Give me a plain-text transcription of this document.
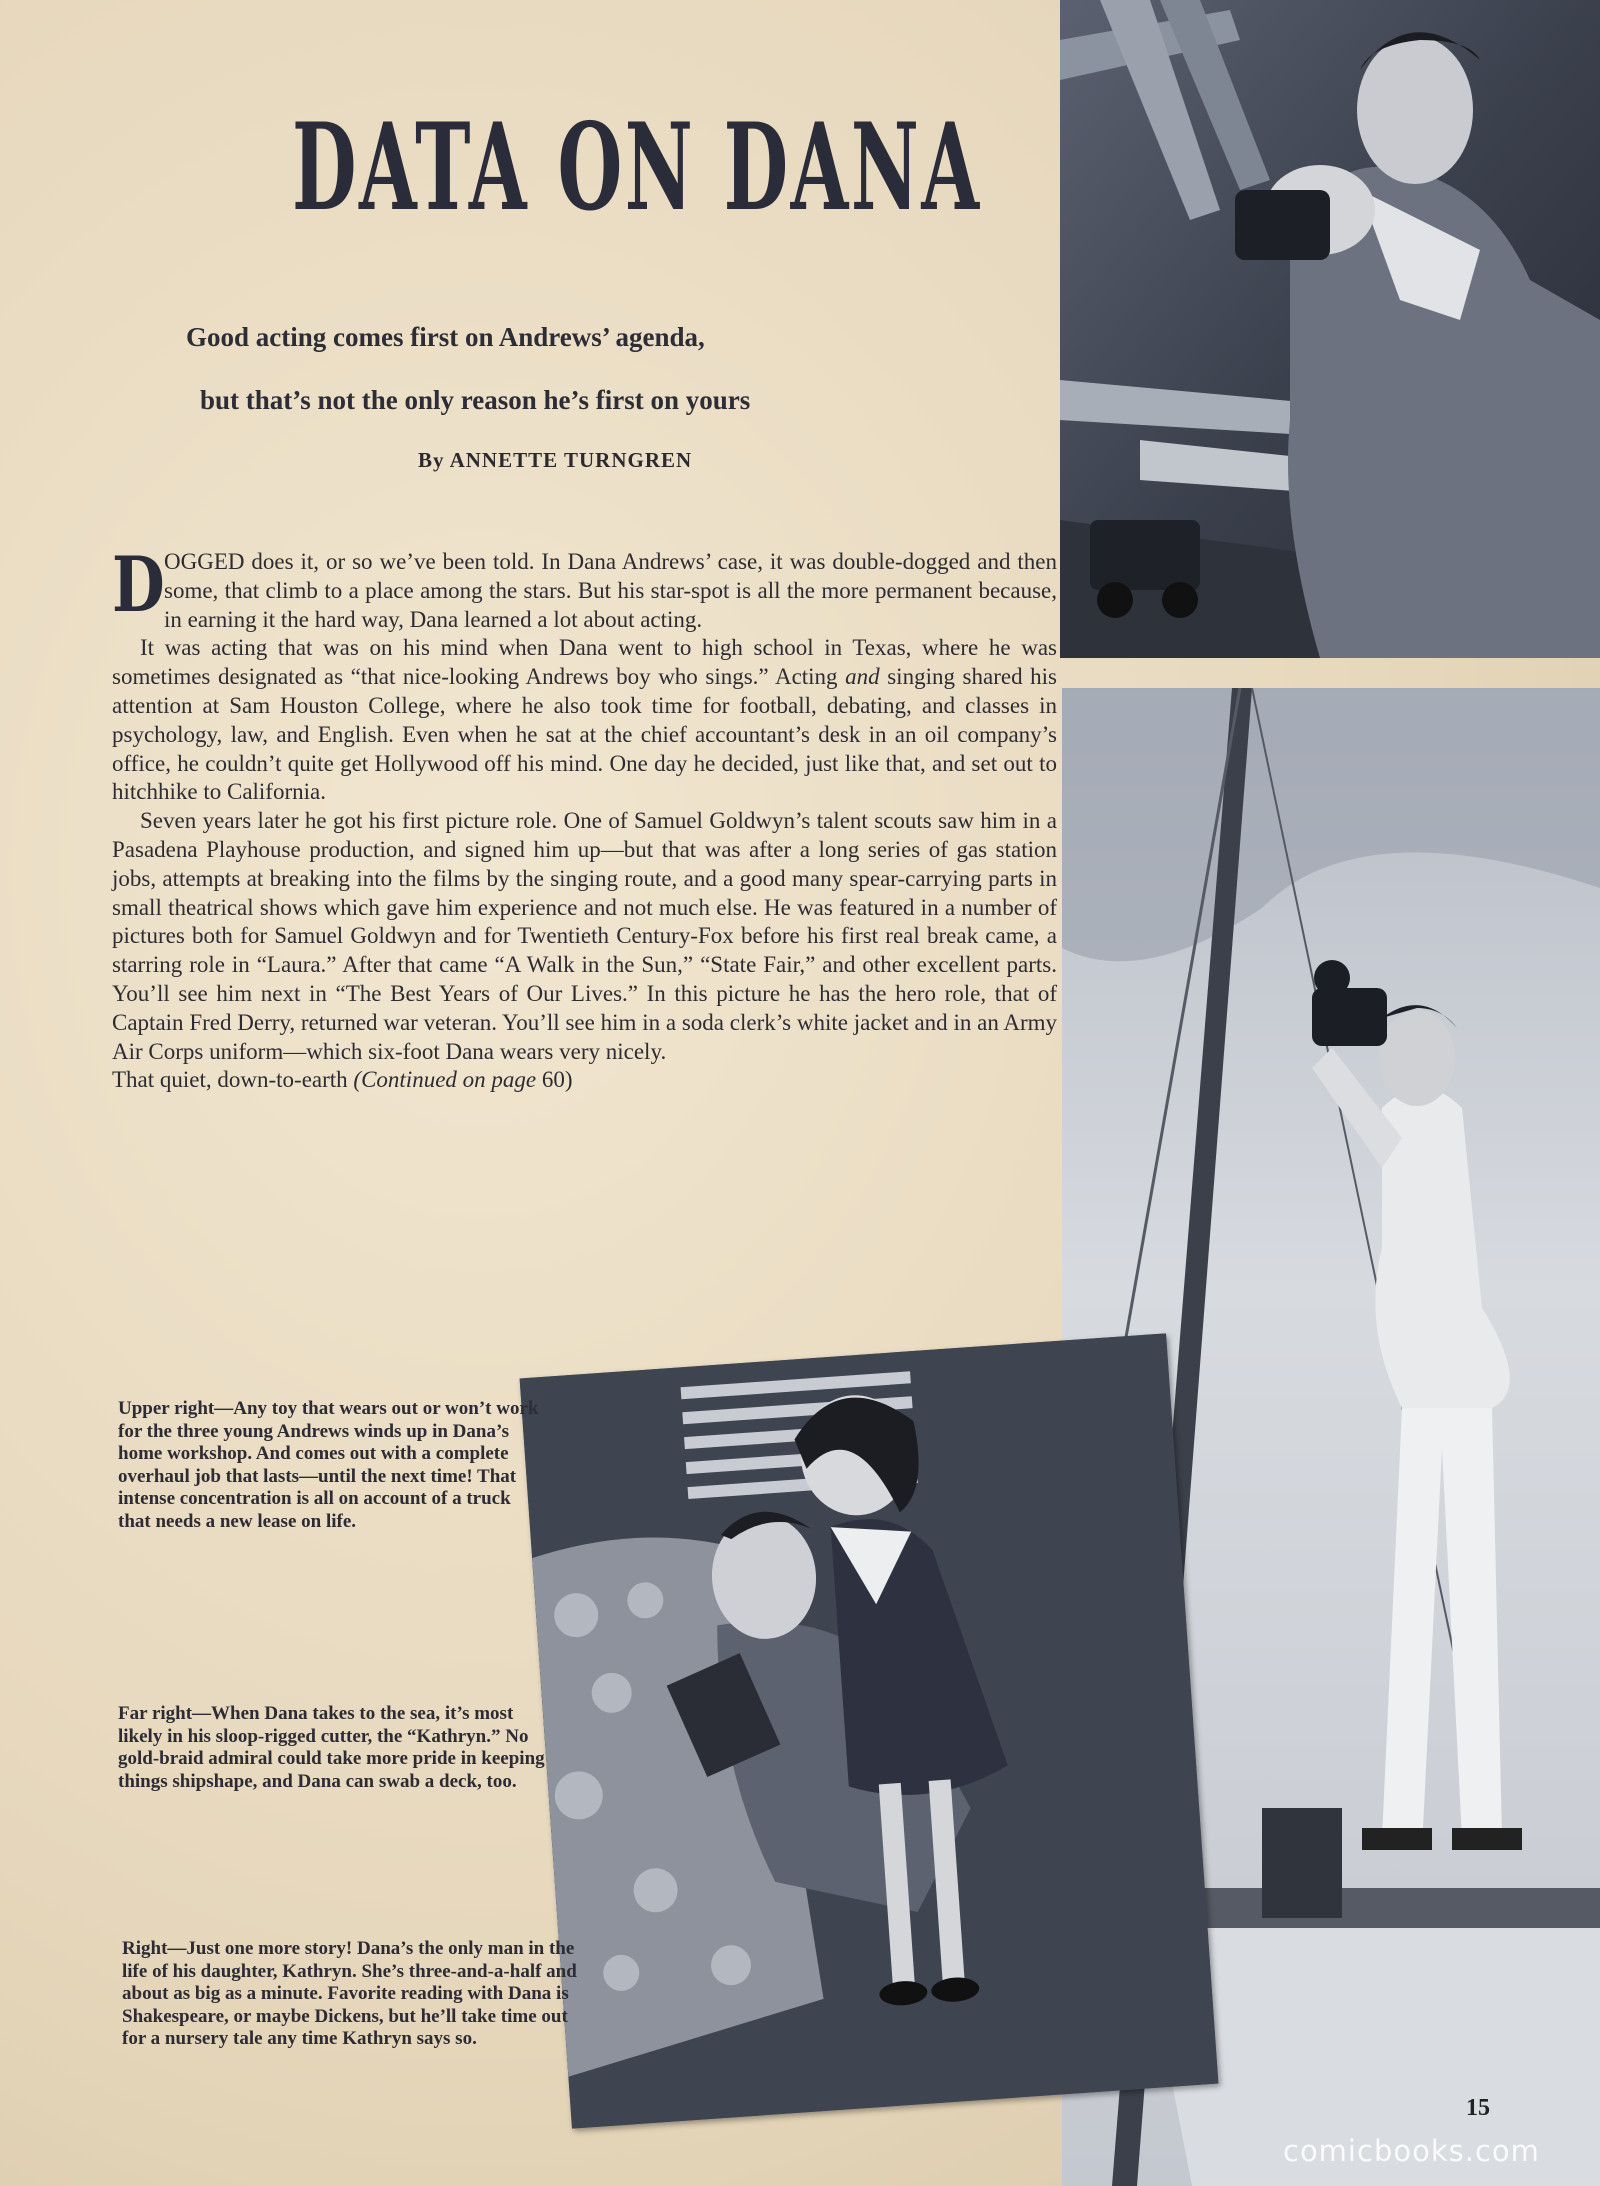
DATA ON DANA
Good acting comes first on Andrews’ agenda,
but that’s not the only reason he’s first on yours
By ANNETTE TURNGREN

DOGGED does it, or so we’ve been told. In Dana Andrews’ case, it was double-dogged and then some, that climb to a place among the stars. But his star-spot is all the more permanent because, in earning it the hard way, Dana learned a lot about acting.

It was acting that was on his mind when Dana went to high school in Texas, where he was sometimes designated as “that nice-looking Andrews boy who sings.” Acting and singing shared his attention at Sam Houston College, where he also took time for football, debating, and classes in psychology, law, and English. Even when he sat at the chief accountant’s desk in an oil company’s office, he couldn’t quite get Hollywood off his mind. One day he decided, just like that, and set out to hitchhike to California.

Seven years later he got his first picture role. One of Samuel Goldwyn’s talent scouts saw him in a Pasadena Playhouse production, and signed him up—but that was after a long series of gas station jobs, attempts at breaking into the films by the singing route, and a good many spear-carrying parts in small theatrical shows which gave him experience and not much else. He was featured in a number of pictures both for Samuel Goldwyn and for Twentieth Century-Fox before his first real break came, a starring role in “Laura.” After that came “A Walk in the Sun,” “State Fair,” and other excellent parts. You’ll see him next in “The Best Years of Our Lives.” In this picture he has the hero role, that of Captain Fred Derry, returned war veteran. You’ll see him in a soda clerk’s white jacket and in an Army Air Corps uniform—which six-foot Dana wears very nicely.

That quiet, down-to-earth (Continued on page 60)

Upper right—Any toy that wears out or won’t work for the three young Andrews winds up in Dana’s home workshop. And comes out with a complete overhaul job that lasts—until the next time! That intense concentration is all on account of a truck that needs a new lease on life.
Far right—When Dana takes to the sea, it’s most likely in his sloop-rigged cutter, the “Kathryn.” No gold-braid admiral could take more pride in keeping things shipshape, and Dana can swab a deck, too.
Right—Just one more story! Dana’s the only man in the life of his daughter, Kathryn. She’s three-and-a-half and about as big as a minute. Favorite reading with Dana is Shakespeare, or maybe Dickens, but he’ll take time out for a nursery tale any time Kathryn says so.
15
comicbooks.com
